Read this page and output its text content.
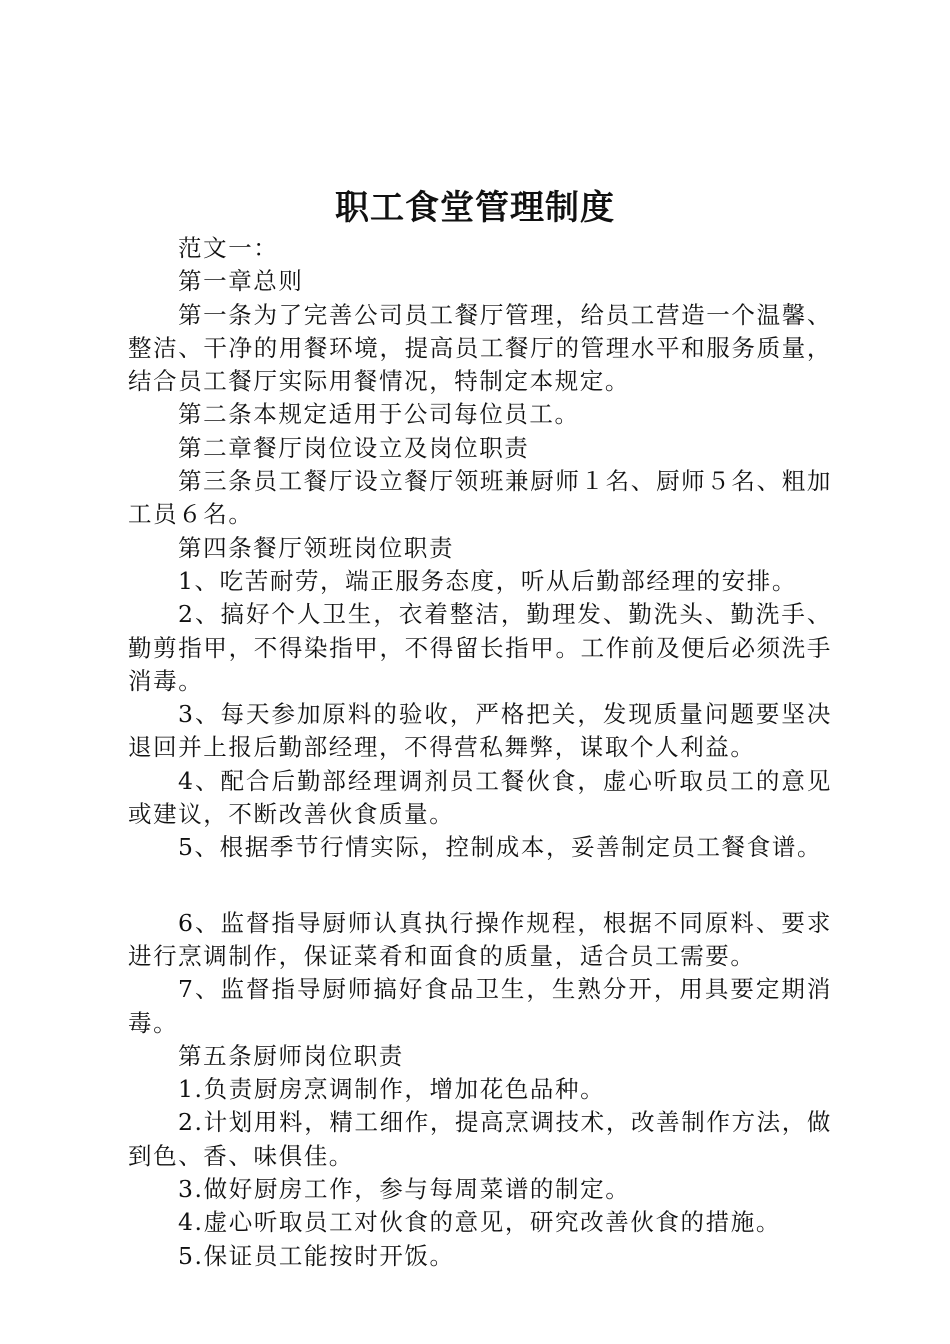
职工食堂管理制度

范文一：

第一章总则

第一条为了完善公司员工餐厅管理，给员工营造一个温馨、整洁、干净的用餐环境，提高员工餐厅的管理水平和服务质量，结合员工餐厅实际用餐情况，特制定本规定。

第二条本规定适用于公司每位员工。

第二章餐厅岗位设立及岗位职责

第三条员工餐厅设立餐厅领班兼厨师１名、厨师５名、粗加工员６名。

第四条餐厅领班岗位职责

1、吃苦耐劳，端正服务态度，听从后勤部经理的安排。

2、搞好个人卫生，衣着整洁，勤理发、勤洗头、勤洗手、勤剪指甲，不得染指甲，不得留长指甲。工作前及便后必须洗手消毒。

3、每天参加原料的验收，严格把关，发现质量问题要坚决退回并上报后勤部经理，不得营私舞弊，谋取个人利益。

4、配合后勤部经理调剂员工餐伙食，虚心听取员工的意见或建议，不断改善伙食质量。

5、根据季节行情实际，控制成本，妥善制定员工餐食谱。

6、监督指导厨师认真执行操作规程，根据不同原料、要求进行烹调制作，保证菜肴和面食的质量，适合员工需要。

7、监督指导厨师搞好食品卫生，生熟分开，用具要定期消毒。

第五条厨师岗位职责

1.负责厨房烹调制作，增加花色品种。

2.计划用料，精工细作，提高烹调技术，改善制作方法，做到色、香、味俱佳。

3.做好厨房工作，参与每周菜谱的制定。

4.虚心听取员工对伙食的意见，研究改善伙食的措施。

5.保证员工能按时开饭。
